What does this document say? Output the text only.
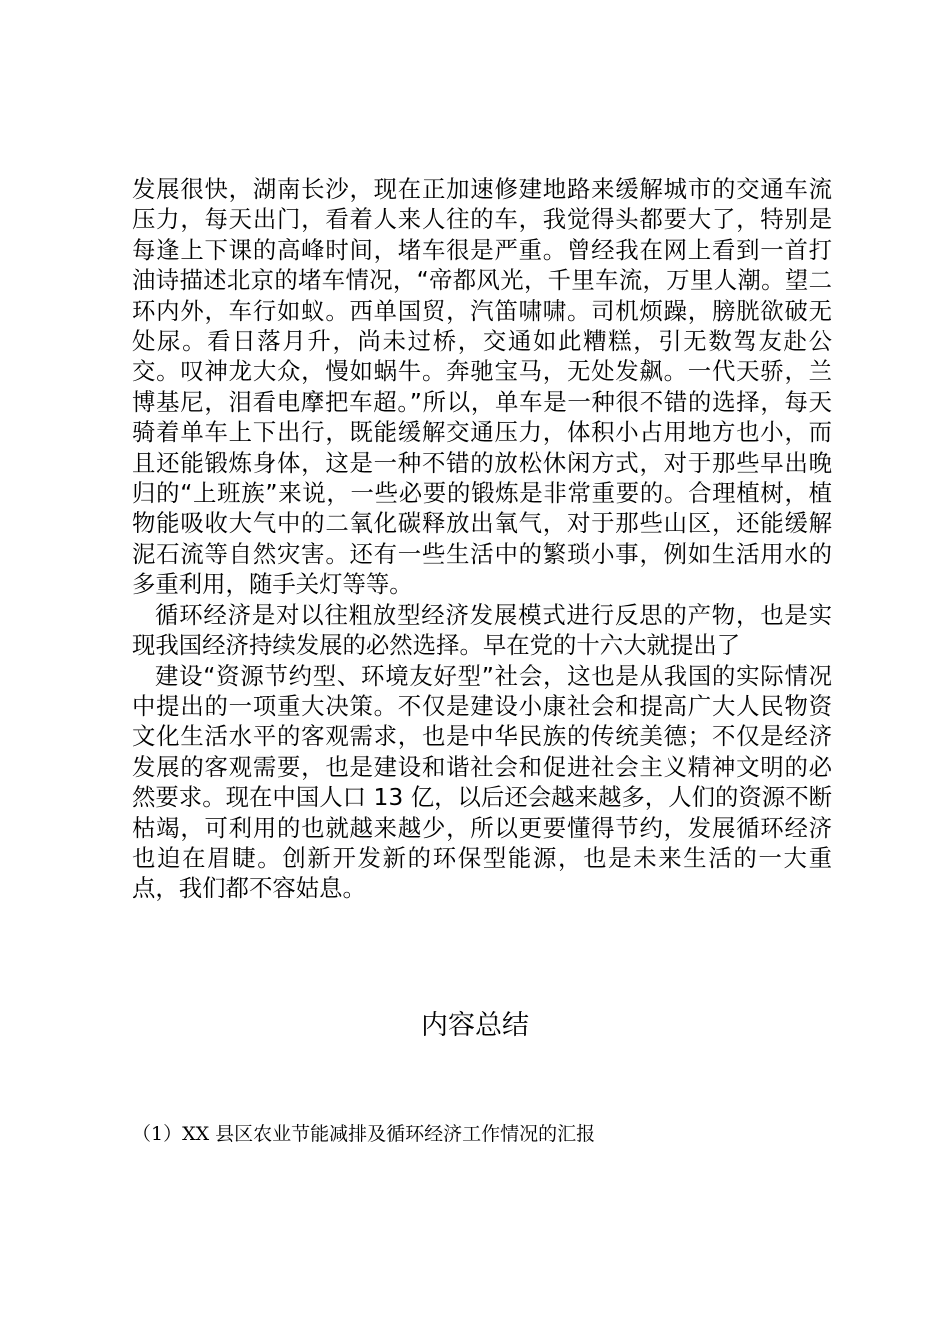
发展很快，湖南长沙，现在正加速修建地路来缓解城市的交通车流压力，每天出门，看着人来人往的车，我觉得头都要大了，特别是每逢上下课的高峰时间，堵车很是严重。曾经我在网上看到一首打油诗描述北京的堵车情况，“帝都风光，千里车流，万里人潮。望二环内外，车行如蚁。西单国贸，汽笛啸啸。司机烦躁，膀胱欲破无处尿。看日落月升，尚未过桥，交通如此糟糕，引无数驾友赴公交。叹神龙大众，慢如蜗牛。奔驰宝马，无处发飙。一代天骄，兰博基尼，泪看电摩把车超。”所以，单车是一种很不错的选择，每天骑着单车上下出行，既能缓解交通压力，体积小占用地方也小，而且还能锻炼身体，这是一种不错的放松休闲方式，对于那些早出晚归的“上班族”来说，一些必要的锻炼是非常重要的。合理植树，植物能吸收大气中的二氧化碳释放出氧气，对于那些山区，还能缓解泥石流等自然灾害。还有一些生活中的繁琐小事，例如生活用水的多重利用，随手关灯等等。

循环经济是对以往粗放型经济发展模式进行反思的产物，也是实现我国经济持续发展的必然选择。早在党的十六大就提出了

建设“资源节约型、环境友好型”社会，这也是从我国的实际情况中提出的一项重大决策。不仅是建设小康社会和提高广大人民物资文化生活水平的客观需求，也是中华民族的传统美德；不仅是经济发展的客观需要，也是建设和谐社会和促进社会主义精神文明的必然要求。现在中国人口 13 亿，以后还会越来越多，人们的资源不断枯竭，可利用的也就越来越少，所以更要懂得节约，发展循环经济也迫在眉睫。创新开发新的环保型能源，也是未来生活的一大重点，我们都不容姑息。

内容总结

（1）XX 县区农业节能减排及循环经济工作情况的汇报
